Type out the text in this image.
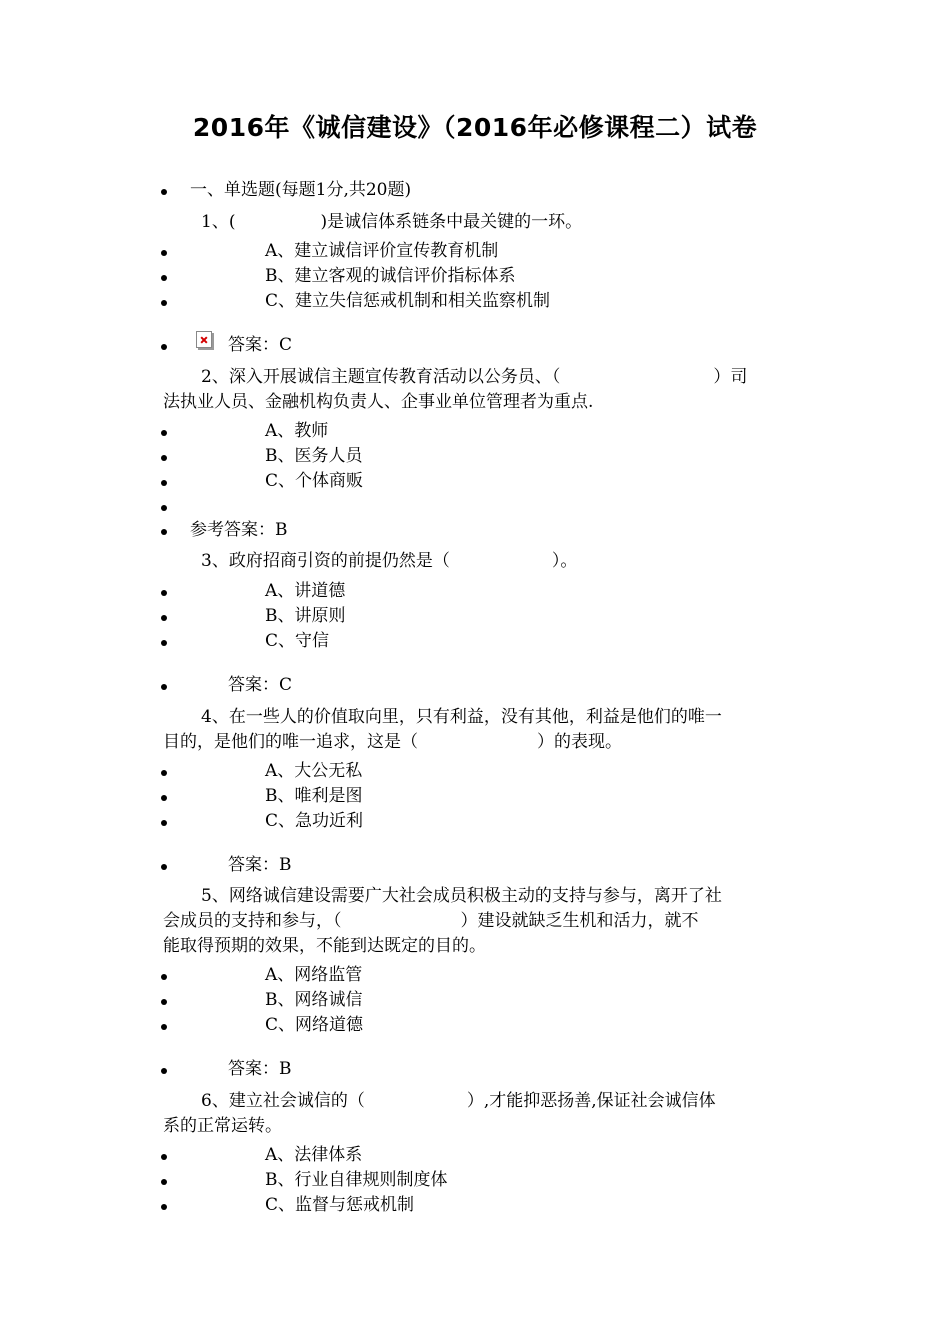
2016年《诚信建设》（2016年必修课程二）试卷
一、单选题(每题1分,共20题)
1、(　　　　　)是诚信体系链条中最关键的一环。
A、建立诚信评价宣传教育机制
B、建立客观的诚信评价指标体系
C、建立失信惩戒机制和相关监察机制
答案：C
2、深入开展诚信主题宣传教育活动以公务员、（　　　　　　　　　）司
法执业人员、金融机构负责人、企事业单位管理者为重点.
A、教师
B、医务人员
C、个体商贩
参考答案：B
3、政府招商引资的前提仍然是（　　　　　　）。
A、讲道德
B、讲原则
C、守信
答案：C
4、在一些人的价值取向里，只有利益，没有其他，利益是他们的唯一
目的，是他们的唯一追求，这是（　　　　　　　）的表现。
A、大公无私
B、唯利是图
C、急功近利
答案：B
5、网络诚信建设需要广大社会成员积极主动的支持与参与，离开了社
会成员的支持和参与，（　　　　　　　）建设就缺乏生机和活力，就不
能取得预期的效果，不能到达既定的目的。
A、网络监管
B、网络诚信
C、网络道德
答案：B
6、建立社会诚信的（　　　　　　）,才能抑恶扬善,保证社会诚信体
系的正常运转。
A、法律体系
B、行业自律规则制度体
C、监督与惩戒机制
